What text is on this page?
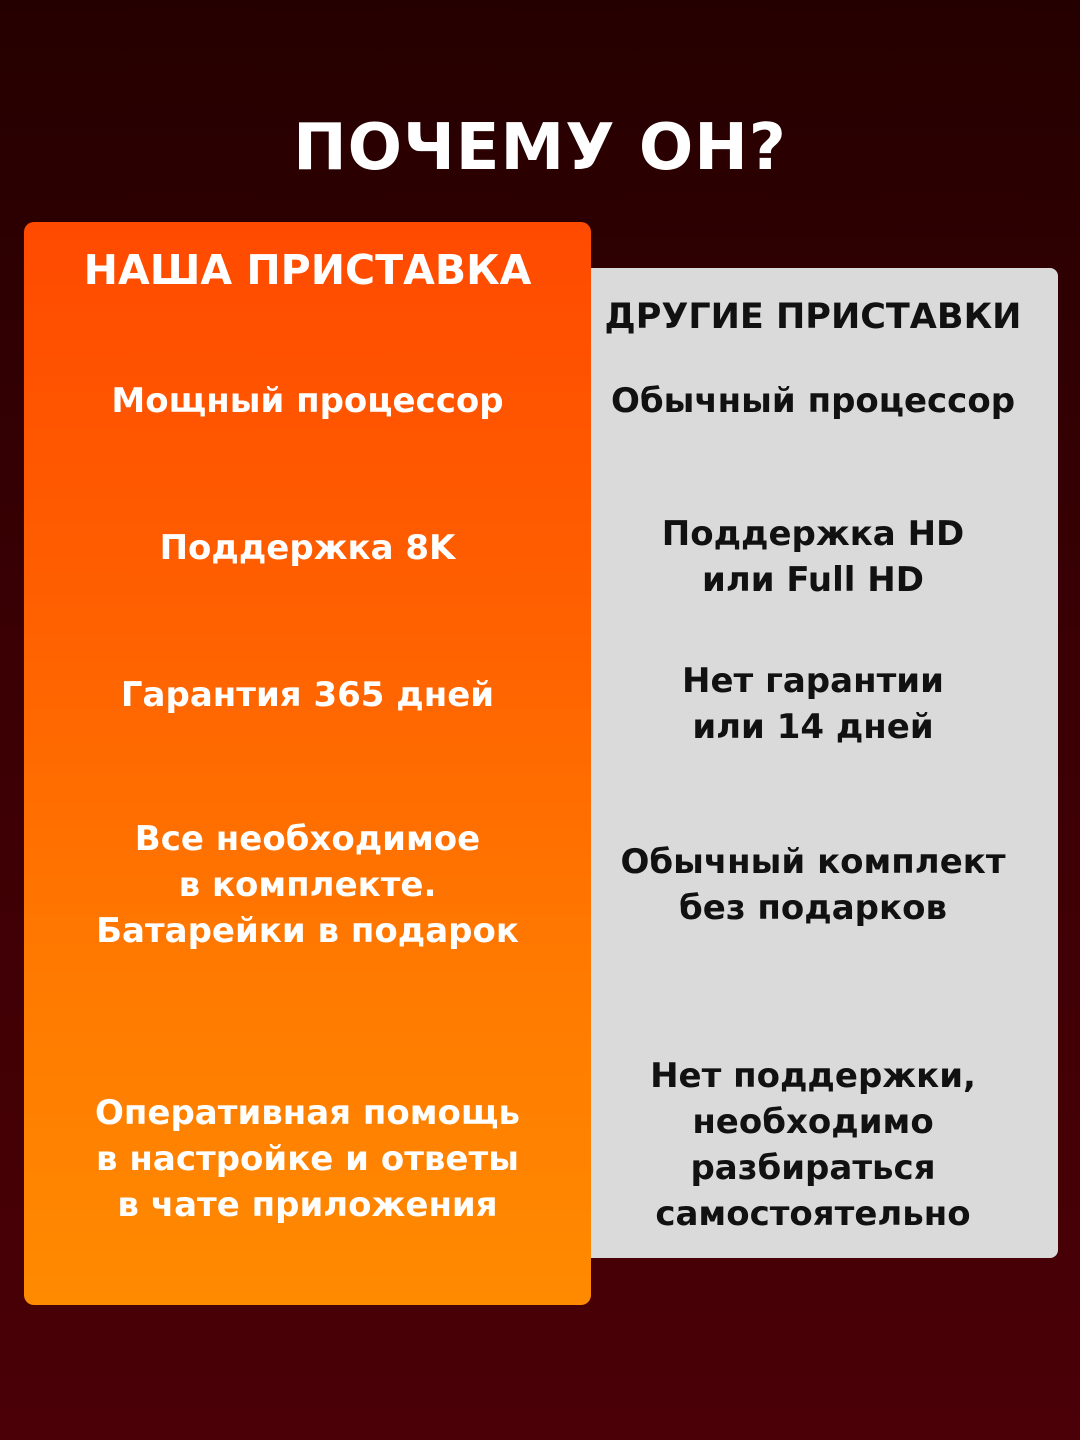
ПОЧЕМУ ОН?

ДРУГИЕ ПРИСТАВКИ

Обычный процессор

Поддержка HD
или Full HD

Нет гарантии
или 14 дней

Обычный комплект
без подарков

Нет поддержки,
необходимо
разбираться
самостоятельно

НАША ПРИСТАВКА

Мощный процессор

Поддержка 8K

Гарантия 365 дней

Все необходимое
в комплекте.
Батарейки в подарок

Оперативная помощь
в настройке и ответы
в чате приложения
